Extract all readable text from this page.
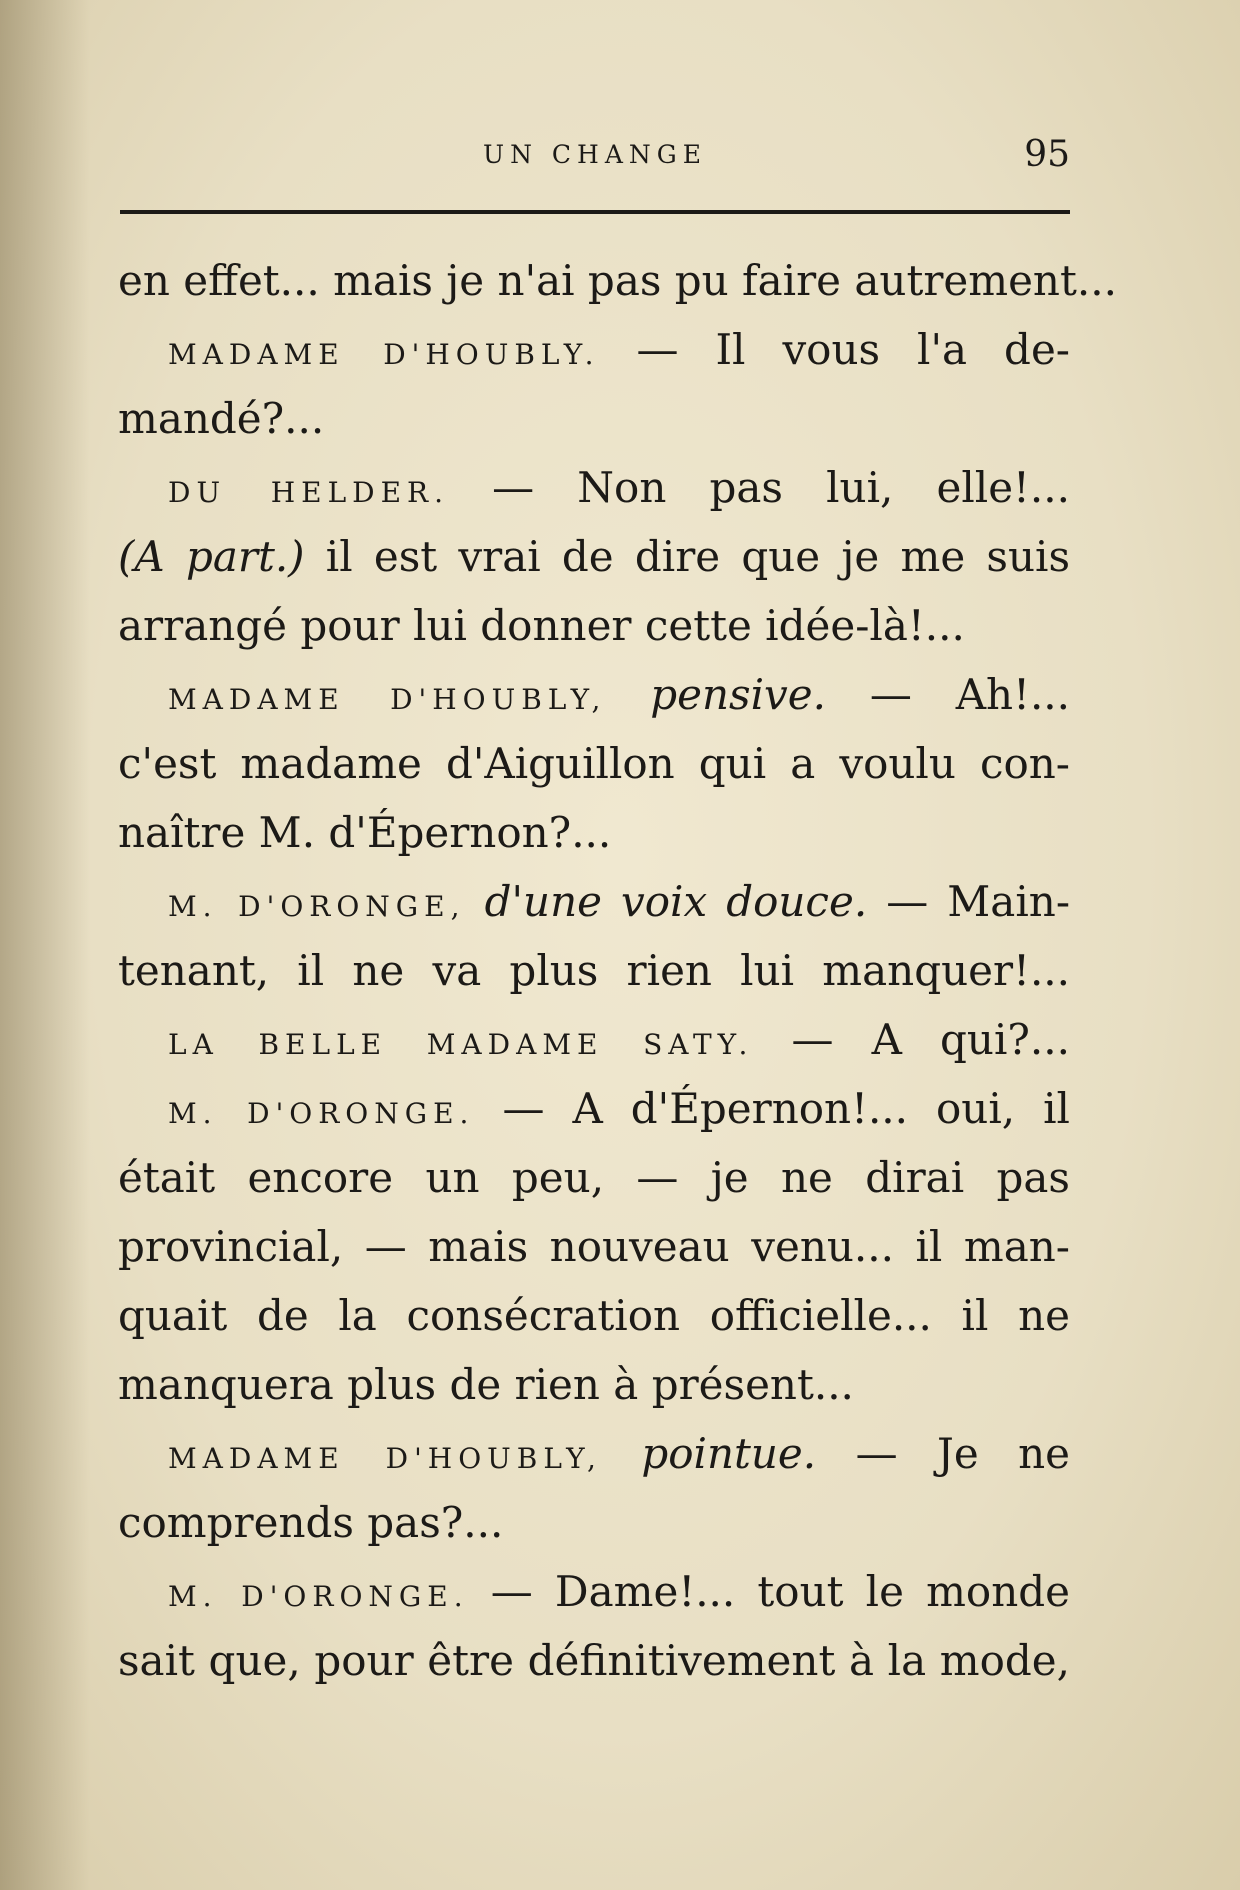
UN CHANGE	95
en effet... mais je n'ai pas pu faire autrement...
MADAME D'HOUBLY. — Il vous l'a de-
mandé?...
DU HELDER. — Non pas lui, elle!...
(A part.) il est vrai de dire que je me suis
arrangé pour lui donner cette idée-là!...
MADAME D'HOUBLY, pensive. — Ah!...
c'est madame d'Aiguillon qui a voulu con-
naître M. d'Épernon?...
M. D'ORONGE, d'une voix douce. — Main-
tenant, il ne va plus rien lui manquer!...
LA BELLE MADAME SATY. — A qui?...
M. D'ORONGE. — A d'Épernon!... oui, il
était encore un peu, — je ne dirai pas
provincial, — mais nouveau venu... il man-
quait de la consécration officielle... il ne
manquera plus de rien à présent...
MADAME D'HOUBLY, pointue. — Je ne
comprends pas?...
M. D'ORONGE. — Dame!... tout le monde
sait que, pour être définitivement à la mode,
